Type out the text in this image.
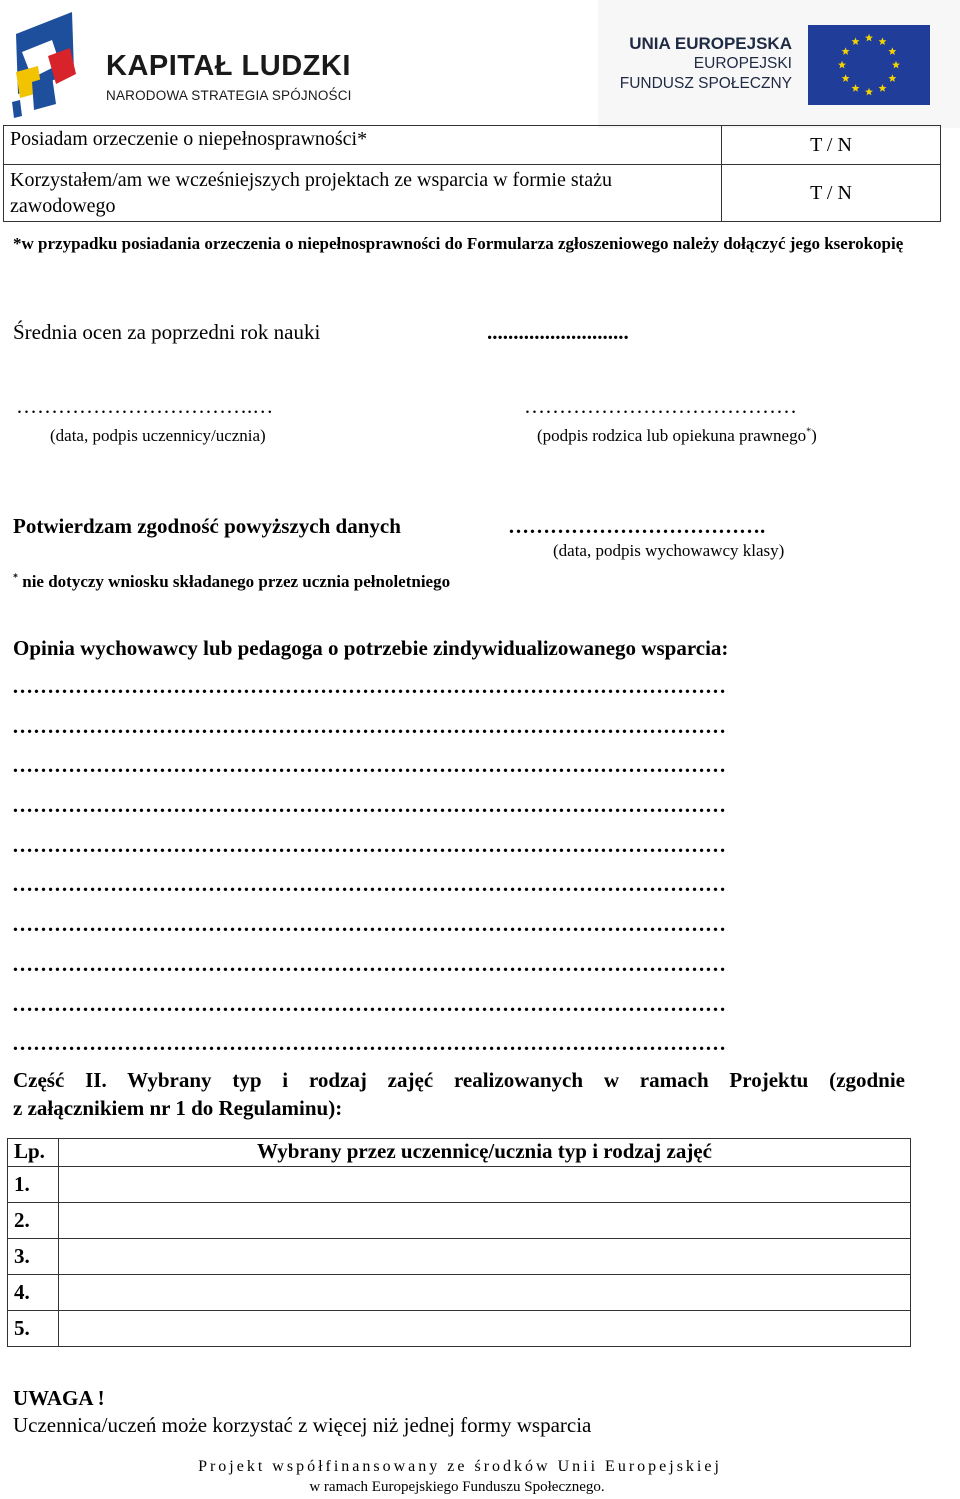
KAPITAŁ LUDZKI
NARODOWA STRATEGIA SPÓJNOŚCI
UNIA EUROPEJSKA
EUROPEJSKI
FUNDUSZ SPOŁECZNY
Posiadam orzeczenie o niepełnosprawności*	T / N
Korzystałem/am we wcześniejszych projektach ze wsparcia w formie stażu zawodowego	T / N
*w przypadku posiadania orzeczenia o niepełnosprawności do Formularza zgłoszeniowego należy dołączyć jego kserokopię
Średnia ocen za poprzedni rok nauki	...........................
…………………………….…
(data, podpis uczennicy/ucznia)
…………………………………
(podpis rodzica lub opiekuna prawnego*)
Potwierdzam zgodność powyższych danych	……………………………….
(data, podpis wychowawcy klasy)
* nie dotyczy wniosku składanego przez ucznia pełnoletniego
Opinia wychowawcy lub pedagoga o potrzebie zindywidualizowanego wsparcia:
…………………………………………………………………………………………
…………………………………………………………………………………………
…………………………………………………………………………………………
…………………………………………………………………………………………
…………………………………………………………………………………………
…………………………………………………………………………………………
…………………………………………………………………………………………
…………………………………………………………………………………………
…………………………………………………………………………………………
…………………………………………………………………………………………
Część II. Wybrany typ i rodzaj zajęć realizowanych w ramach Projektu (zgodnie
z załącznikiem nr 1 do Regulaminu):
Lp.	Wybrany przez uczennicę/ucznia typ i rodzaj zajęć
1.	
2.	
3.	
4.	
5.	
UWAGA !
Uczennica/uczeń może korzystać z więcej niż jednej formy wsparcia
Projekt współfinansowany ze środków Unii Europejskiej
w ramach Europejskiego Funduszu Społecznego.
